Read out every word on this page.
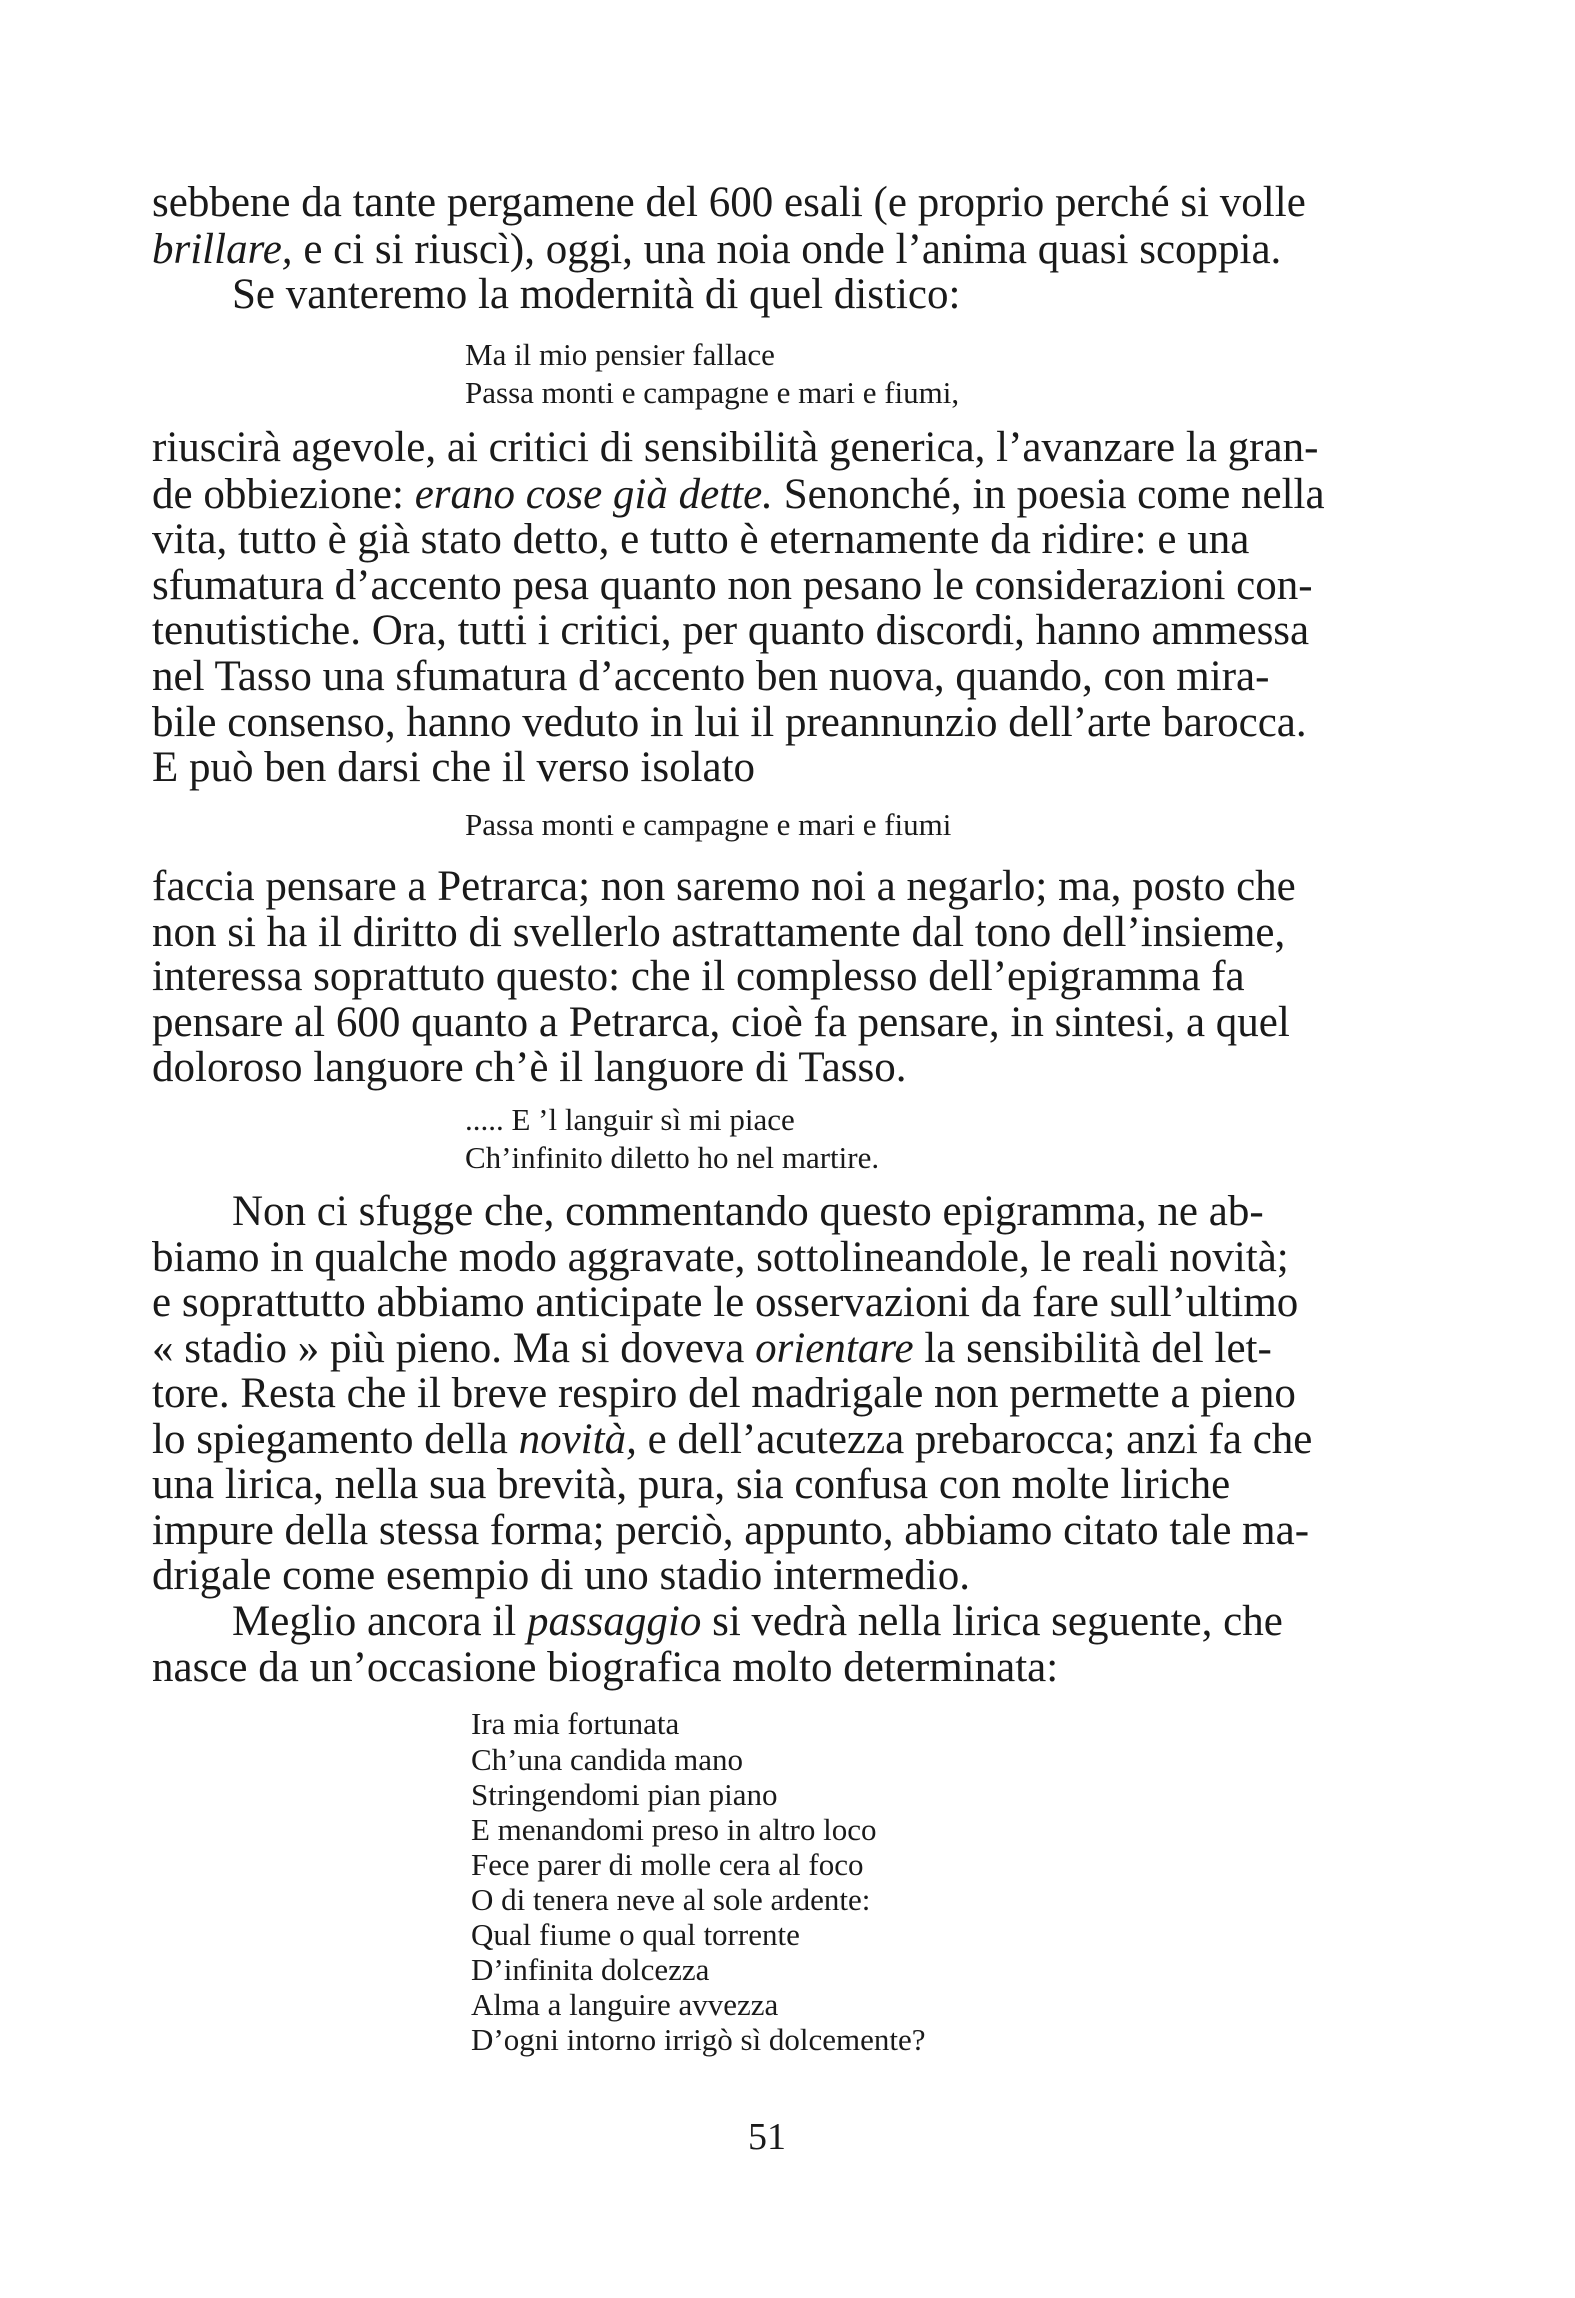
sebbene da tante pergamene del 600 esali (e proprio perché si volle
brillare, e ci si riuscì), oggi, una noia onde l’anima quasi scoppia.
Se vanteremo la modernità di quel distico:
Ma il mio pensier fallace
Passa monti e campagne e mari e fiumi,
riuscirà agevole, ai critici di sensibilità generica, l’avanzare la gran-
de obbiezione: erano cose già dette. Senonché, in poesia come nella
vita, tutto è già stato detto, e tutto è eternamente da ridire: e una
sfumatura d’accento pesa quanto non pesano le considerazioni con-
tenutistiche. Ora, tutti i critici, per quanto discordi, hanno ammessa
nel Tasso una sfumatura d’accento ben nuova, quando, con mira-
bile consenso, hanno veduto in lui il preannunzio dell’arte barocca.
E può ben darsi che il verso isolato
Passa monti e campagne e mari e fiumi
faccia pensare a Petrarca; non saremo noi a negarlo; ma, posto che
non si ha il diritto di svellerlo astrattamente dal tono dell’insieme,
interessa soprattuto questo: che il complesso dell’epigramma fa
pensare al 600 quanto a Petrarca, cioè fa pensare, in sintesi, a quel
doloroso languore ch’è il languore di Tasso.
..... E ’l languir sì mi piace
Ch’infinito diletto ho nel martire.
Non ci sfugge che, commentando questo epigramma, ne ab-
biamo in qualche modo aggravate, sottolineandole, le reali novità;
e soprattutto abbiamo anticipate le osservazioni da fare sull’ultimo
« stadio » più pieno. Ma si doveva orientare la sensibilità del let-
tore. Resta che il breve respiro del madrigale non permette a pieno
lo spiegamento della novità, e dell’acutezza prebarocca; anzi fa che
una lirica, nella sua brevità, pura, sia confusa con molte liriche
impure della stessa forma; perciò, appunto, abbiamo citato tale ma-
drigale come esempio di uno stadio intermedio.
Meglio ancora il passaggio si vedrà nella lirica seguente, che
nasce da un’occasione biografica molto determinata:
Ira mia fortunata
Ch’una candida mano
Stringendomi pian piano
E menandomi preso in altro loco
Fece parer di molle cera al foco
O di tenera neve al sole ardente:
Qual fiume o qual torrente
D’infinita dolcezza
Alma a languire avvezza
D’ogni intorno irrigò sì dolcemente?
51
